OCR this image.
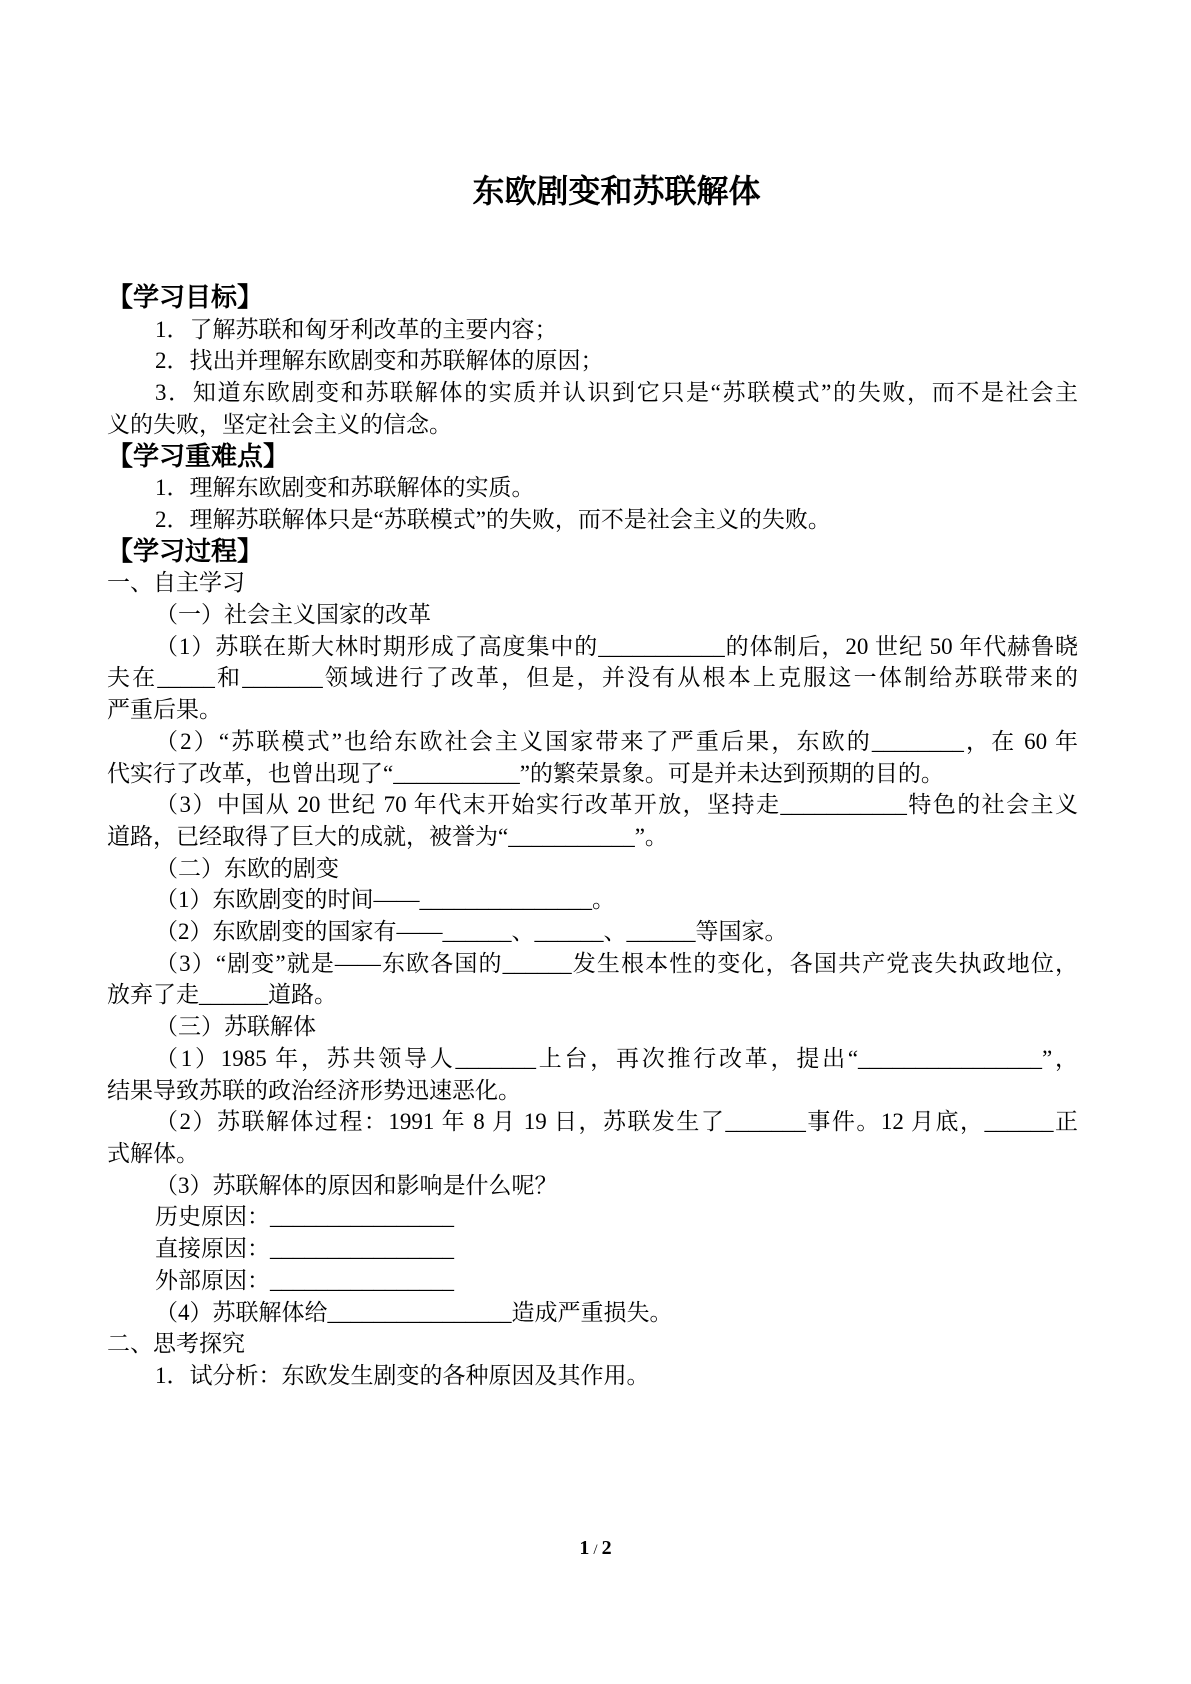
东欧剧变和苏联解体
【学习目标】
1．了解苏联和匈牙利改革的主要内容；
2．找出并理解东欧剧变和苏联解体的原因；
3．知道东欧剧变和苏联解体的实质并认识到它只是“苏联模式”的失败，而不是社会主
义的失败，坚定社会主义的信念。
【学习重难点】
1．理解东欧剧变和苏联解体的实质。
2．理解苏联解体只是“苏联模式”的失败，而不是社会主义的失败。
【学习过程】
一、自主学习
（一）社会主义国家的改革
（1）苏联在斯大林时期形成了高度集中的___________的体制后，20 世纪 50 年代赫鲁晓
夫在_____和_______领域进行了改革，但是，并没有从根本上克服这一体制给苏联带来的
严重后果。
（2）“苏联模式”也给东欧社会主义国家带来了严重后果，东欧的________，在 60 年
代实行了改革，也曾出现了“___________”的繁荣景象。可是并未达到预期的目的。
（3）中国从 20 世纪 70 年代末开始实行改革开放，坚持走___________特色的社会主义
道路，已经取得了巨大的成就，被誉为“___________”。
（二）东欧的剧变
（1）东欧剧变的时间——_______________。
（2）东欧剧变的国家有——______、______、______等国家。
（3）“剧变”就是——东欧各国的______发生根本性的变化，各国共产党丧失执政地位，
放弃了走______道路。
（三）苏联解体
（1）1985 年，苏共领导人_______上台，再次推行改革，提出“________________”，
结果导致苏联的政治经济形势迅速恶化。
（2）苏联解体过程：1991 年 8 月 19 日，苏联发生了_______事件。12 月底，______正
式解体。
（3）苏联解体的原因和影响是什么呢？
历史原因：________________
直接原因：________________
外部原因：________________
（4）苏联解体给________________造成严重损失。
二、思考探究
1．试分析：东欧发生剧变的各种原因及其作用。
1 / 2
